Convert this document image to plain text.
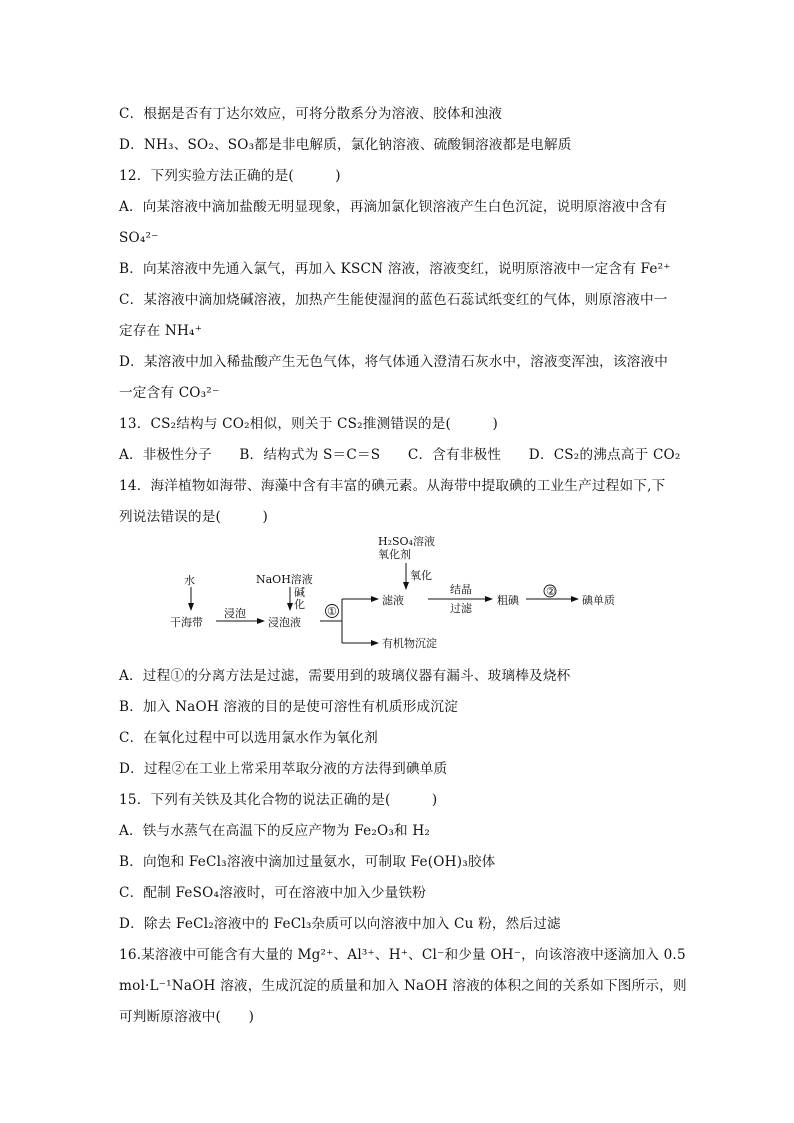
C．根据是否有丁达尔效应，可将分散系分为溶液、胶体和浊液
D．NH₃、SO₂、SO₃都是非电解质，氯化钠溶液、硫酸铜溶液都是电解质
12．下列实验方法正确的是(　　　)
A．向某溶液中滴加盐酸无明显现象，再滴加氯化钡溶液产生白色沉淀，说明原溶液中含有
SO₄²⁻
B．向某溶液中先通入氯气，再加入 KSCN 溶液，溶液变红，说明原溶液中一定含有 Fe²⁺
C．某溶液中滴加烧碱溶液，加热产生能使湿润的蓝色石蕊试纸变红的气体，则原溶液中一
定存在 NH₄⁺
D．某溶液中加入稀盐酸产生无色气体，将气体通入澄清石灰水中，溶液变浑浊，该溶液中
一定含有 CO₃²⁻
13．CS₂结构与 CO₂相似，则关于 CS₂推测错误的是(　　　)
A．非极性分子　　B．结构式为 S＝C＝S　　C．含有非极性　　D．CS₂的沸点高于 CO₂
14．海洋植物如海带、海藻中含有丰富的碘元素。从海带中提取碘的工业生产过程如下,下
列说法错误的是(　　　)
水
干海带
浸泡
浸泡液
NaOH溶液
碱
化
①
滤液
有机物沉淀
H₂SO₄溶液
氧化剂
氧化
结晶
过滤
粗碘
②
碘单质
A．过程①的分离方法是过滤，需要用到的玻璃仪器有漏斗、玻璃棒及烧杯
B．加入 NaOH 溶液的目的是使可溶性有机质形成沉淀
C．在氧化过程中可以选用氯水作为氧化剂
D．过程②在工业上常采用萃取分液的方法得到碘单质
15．下列有关铁及其化合物的说法正确的是(　　　)
A．铁与水蒸气在高温下的反应产物为 Fe₂O₃和 H₂
B．向饱和 FeCl₃溶液中滴加过量氨水，可制取 Fe(OH)₃胶体
C．配制 FeSO₄溶液时，可在溶液中加入少量铁粉
D．除去 FeCl₂溶液中的 FeCl₃杂质可以向溶液中加入 Cu 粉，然后过滤
16.某溶液中可能含有大量的 Mg²⁺、Al³⁺、H⁺、Cl⁻和少量 OH⁻，向该溶液中逐滴加入 0.5
mol·L⁻¹NaOH 溶液，生成沉淀的质量和加入 NaOH 溶液的体积之间的关系如下图所示，则
可判断原溶液中(　　)
